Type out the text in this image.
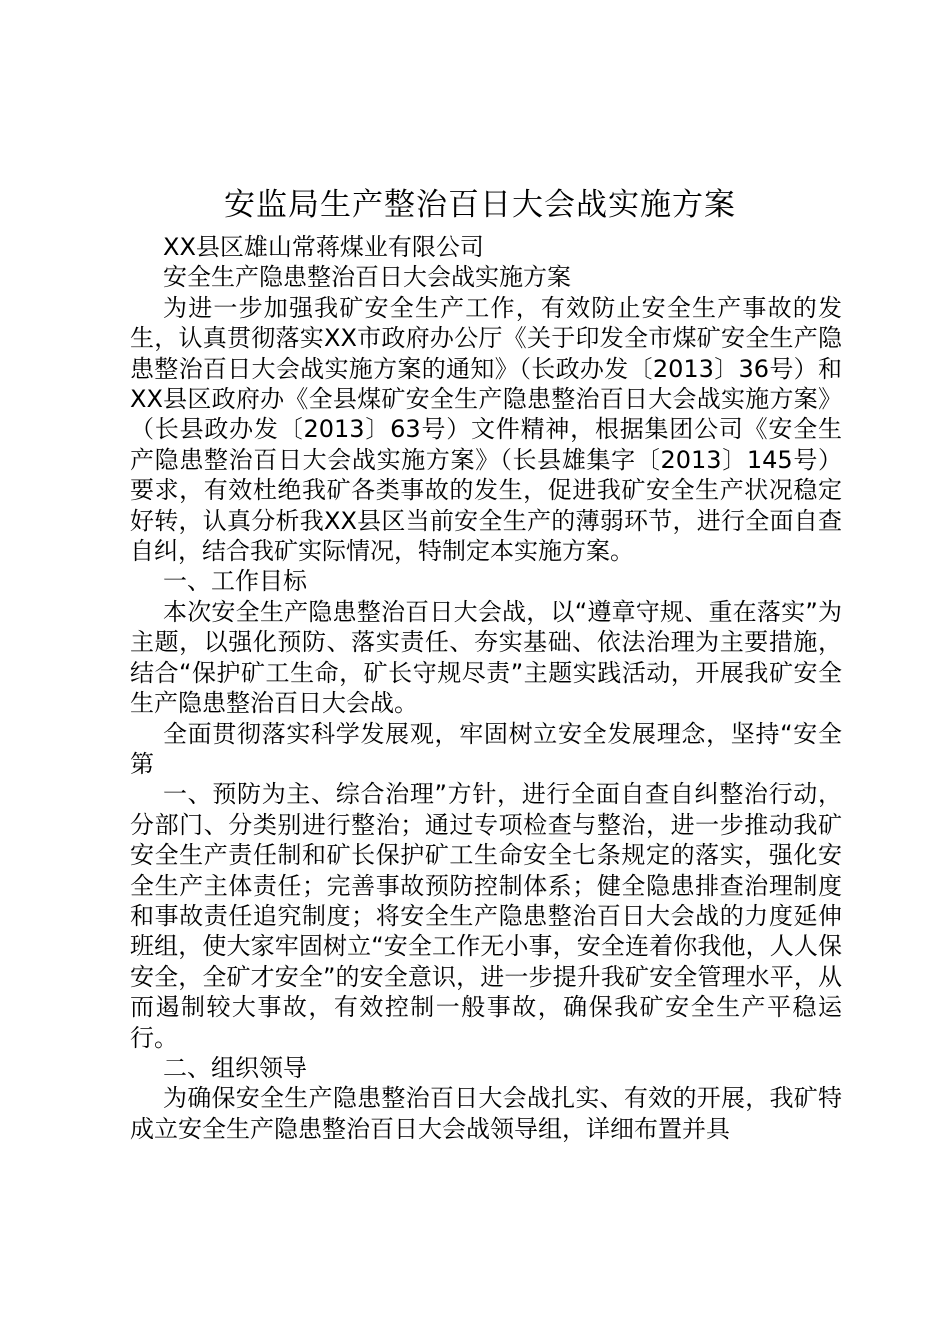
安监局生产整治百日大会战实施方案

XX县区雄山常蒋煤业有限公司

安全生产隐患整治百日大会战实施方案

为进一步加强我矿安全生产工作，有效防止安全生产事故的发生，认真贯彻落实XX市政府办公厅《关于印发全市煤矿安全生产隐患整治百日大会战实施方案的通知》（长政办发〔2013〕36号）和XX县区政府办《全县煤矿安全生产隐患整治百日大会战实施方案》（长县政办发〔2013〕63号）文件精神，根据集团公司《安全生产隐患整治百日大会战实施方案》（长县雄集字〔2013〕145号）要求，有效杜绝我矿各类事故的发生，促进我矿安全生产状况稳定好转，认真分析我XX县区当前安全生产的薄弱环节，进行全面自查自纠，结合我矿实际情况，特制定本实施方案。

一、工作目标

本次安全生产隐患整治百日大会战，以“遵章守规、重在落实”为主题，以强化预防、落实责任、夯实基础、依法治理为主要措施，结合“保护矿工生命，矿长守规尽责”主题实践活动，开展我矿安全生产隐患整治百日大会战。

全面贯彻落实科学发展观，牢固树立安全发展理念，坚持“安全第

一、预防为主、综合治理”方针，进行全面自查自纠整治行动，分部门、分类别进行整治；通过专项检查与整治，进一步推动我矿安全生产责任制和矿长保护矿工生命安全七条规定的落实，强化安全生产主体责任；完善事故预防控制体系；健全隐患排查治理制度和事故责任追究制度；将安全生产隐患整治百日大会战的力度延伸班组，使大家牢固树立“安全工作无小事，安全连着你我他，人人保安全，全矿才安全”的安全意识，进一步提升我矿安全管理水平，从而遏制较大事故，有效控制一般事故，确保我矿安全生产平稳运行。

二、组织领导

为确保安全生产隐患整治百日大会战扎实、有效的开展，我矿特成立安全生产隐患整治百日大会战领导组，详细布置并具
